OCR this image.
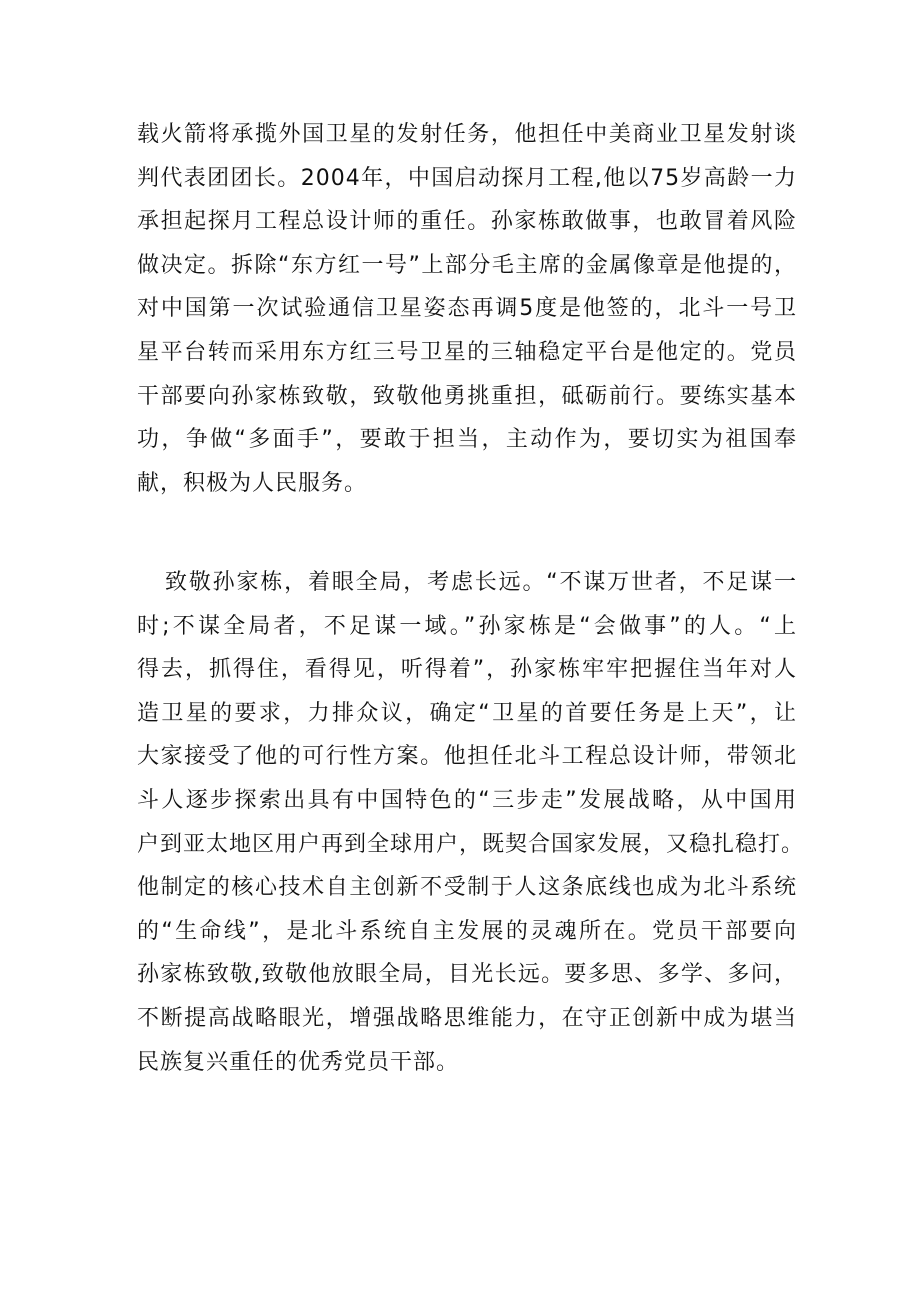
载火箭将承揽外国卫星的发射任务，他担任中美商业卫星发射谈
判代表团团长。2004年，中国启动探月工程,他以75岁高龄一力
承担起探月工程总设计师的重任。孙家栋敢做事，也敢冒着风险
做决定。拆除“东方红一号”上部分毛主席的金属像章是他提的，
对中国第一次试验通信卫星姿态再调5度是他签的，北斗一号卫
星平台转而采用东方红三号卫星的三轴稳定平台是他定的。党员
干部要向孙家栋致敬，致敬他勇挑重担，砥砺前行。要练实基本
功，争做“多面手”，要敢于担当，主动作为，要切实为祖国奉
献，积极为人民服务。
致敬孙家栋，着眼全局，考虑长远。“不谋万世者，不足谋一
时;不谋全局者，不足谋一域。”孙家栋是“会做事”的人。“上
得去，抓得住，看得见，听得着”，孙家栋牢牢把握住当年对人
造卫星的要求，力排众议，确定“卫星的首要任务是上天”，让
大家接受了他的可行性方案。他担任北斗工程总设计师，带领北
斗人逐步探索出具有中国特色的“三步走”发展战略，从中国用
户到亚太地区用户再到全球用户，既契合国家发展，又稳扎稳打。
他制定的核心技术自主创新不受制于人这条底线也成为北斗系统
的“生命线”，是北斗系统自主发展的灵魂所在。党员干部要向
孙家栋致敬,致敬他放眼全局，目光长远。要多思、多学、多问，
不断提高战略眼光，增强战略思维能力，在守正创新中成为堪当
民族复兴重任的优秀党员干部。
